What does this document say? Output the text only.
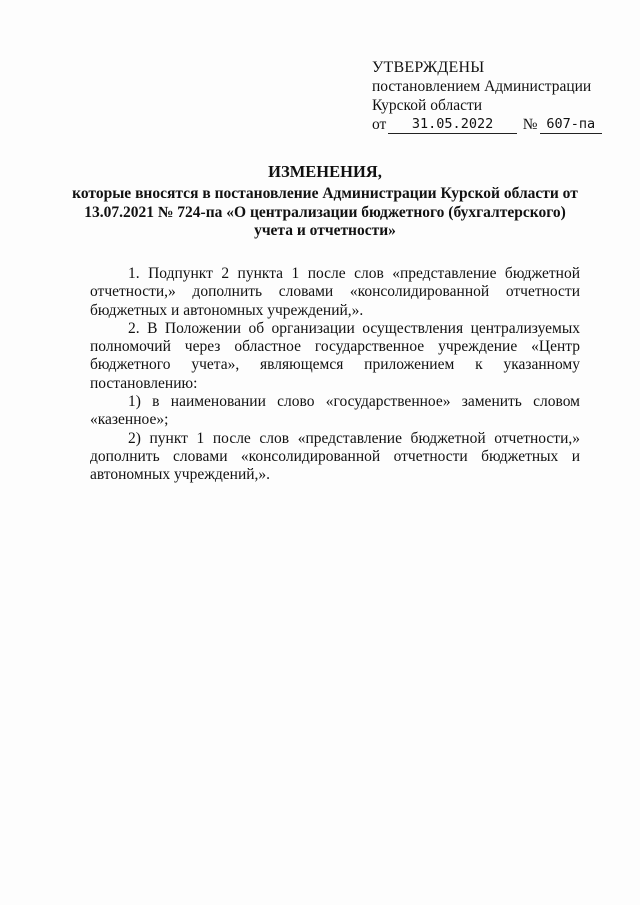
УТВЕРЖДЕНЫ
постановлением Администрации
Курской области
от	31.05.2022	№ 607-па
ИЗМЕНЕНИЯ,
которые вносятся в постановление Администрации Курской области от 13.07.2021 № 724-па «О централизации бюджетного (бухгалтерского) учета и отчетности»

1. Подпункт 2 пункта 1 после слов «представление бюджетной отчетности,» дополнить словами «консолидированной отчетности бюджетных и автономных учреждений,».

2. В Положении об организации осуществления централизуемых полномочий через областное государственное учреждение «Центр бюджетного учета», являющемся приложением к указанному постановлению:

1) в наименовании слово «государственное» заменить словом «казенное»;

2) пункт 1 после слов «представление бюджетной отчетности,» дополнить словами «консолидированной отчетности бюджетных и автономных учреждений,».
